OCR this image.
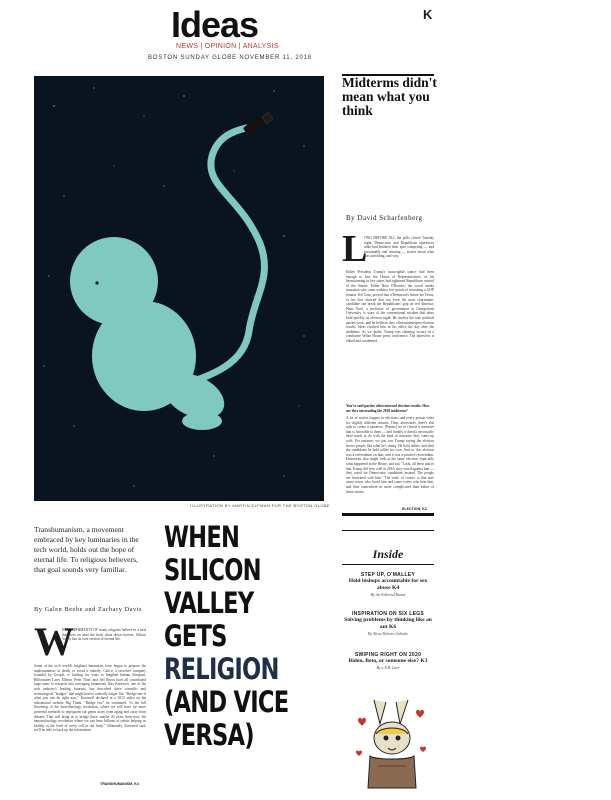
Ideas	K
NEWS | OPINION | ANALYSIS
BOSTON SUNDAY GLOBE NOVEMBER 11, 2018
ILLUSTRATION BY MARTIN ELFMAN FOR THE BOSTON GLOBE
Midterms didn't mean what you think
By David Scharfenberg
L
ONG BEFORE ALL the polls closed Tuesday night, Democratic and Republican operatives alike had finished their spin competing — and presumably and winning — stories about what was unfolding, and why.
Either President Trump's incorrigible stance had been enough to lose the House of Representatives, or his barnstorming in key states had tightened Republican control of the Senate. Either Beto O'Rourke, the social media sensation who came within a few points of unseating a GOP senator Ted Cruz, proved that a Democrat's future for Texas, or his loss showed that not even the most charismatic candidate can break the Republicans' grip on red America. Hans Noel, a professor of government at Georgetown University, is wary of the conventional wisdom that takes hold quickly on election night. He studies the way political parties work, and he believes they often misinterpret election results. Ideas reached him in his office the day after the midterms. As we spoke, Trump was claiming victory in a combative White House press conference. The interview is edited and condensed.
You've said parties often misread election results. How are they misreading the 2018 midterms?
A lot of stories happen in elections, and every person votes for slightly different reasons. Then, afterwards, there's this rush to create a narrative. [Parties] try to choose a narrative that is favorable to them — and frankly it doesn't necessarily have much to do with the kind of narrative they come up with. For instance, we just saw Trump saying the election shows people like what he's doing. He held rallies, and then the candidates he held rallies for won. And so, this election was a referendum on him, and it was a positive referendum. Democrats also might look at the same election, especially what happened in the House, and say, "Look, all these places that Trump did very well in 2016, they voted against him — they voted for Democratic candidates instead. The people are frustrated with him." The truth, of course, is that sure some voters who loved him and some voters who hate him, and then somewhere in more complicated than either of those stories.
ELECTION, K3
Inside
STEP UP, O'MALLEY
Hold bishops accountable for sex abuse K4
By the Editorial Board
INSPIRATION ON SIX LEGS
Solving problems by thinking like an ant K6
By Alexa Dolores Galindo
SWIPING RIGHT ON 2020
Biden, Beto, or someone else? K3
By a N.B. Love
Transhumanism, a movement embraced by key luminaries in the tech world, holds out the hope of eternal life. To religious believers, that goal sounds very familiar.
By Galen Beebe and Zachary Davis
W
HILE ADHERENTS OF many religions believe in a soul that lives on after the body shuts down forever, Silicon Valley has its own version of eternal life.
Some of the tech world's brightest luminaries have begun to propose the unpleasantness of death, or avoid it entirely. Calico, a secretive company founded by Google, is looking for ways to lengthen human lifespans. Billionaires Larry Ellison, Peter Thiel, and Jeff Bezos have all contributed huge sums to research into anti-aging treatments. Ray Kurzweil, one of the tech industry's leading futurists, has described three scientific and technological "bridges" that might lead to radically longer life. "Bridge one is what you can do right now," Kurzweil declared in a 2013 video on the educational website Big Think. "Bridge two" he continued, "is the full flowering of the biotechnology revolution, where we will have far more powerful methods to reprogram our genes away from aging and away from disease. That will bring us to bridge three, maybe 20 years from now, the nanotechnology revolution where we can have billions of robots helping us healthy at the level of every cell in our body." Ultimately, Kurzweil said, we'll be able to back up the information
TRANSHUMANISM, K4
WHEN
SILICON
VALLEY
GETS
RELIGION
(AND VICE
VERSA)
